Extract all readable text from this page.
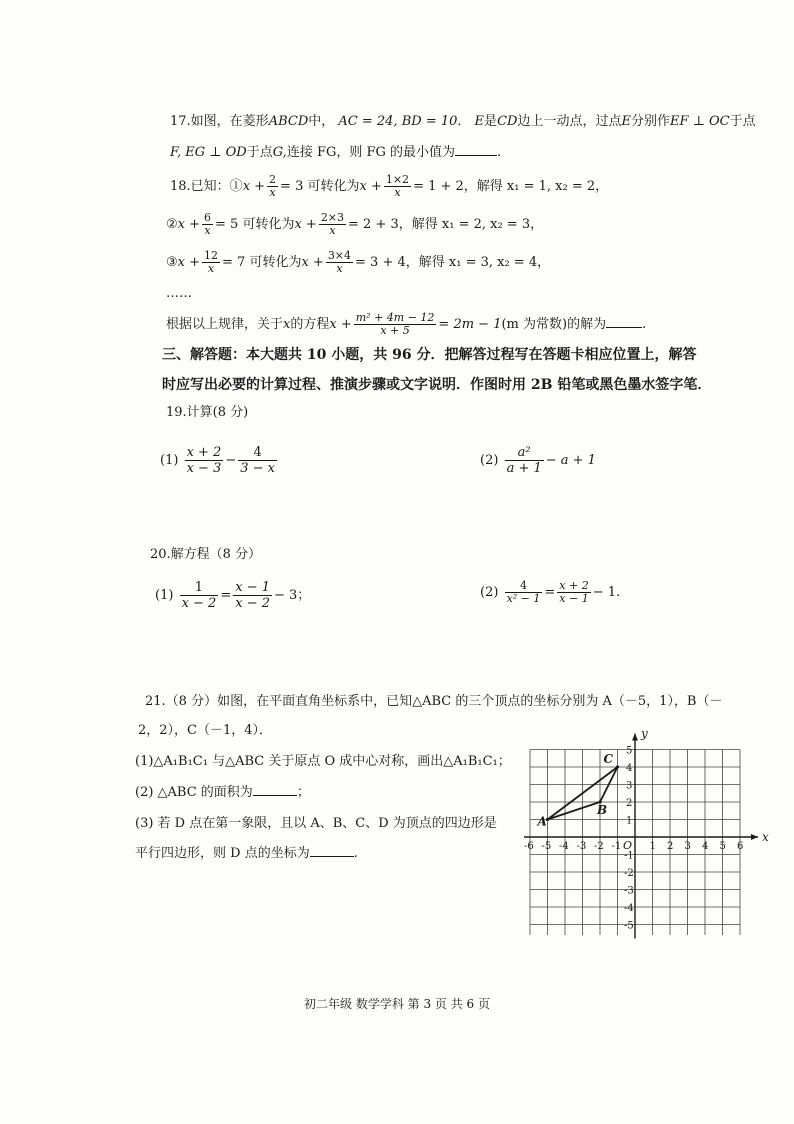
17.如图，在菱形ABCD中， AC = 24, BD = 10． E是CD边上一动点，过点E分别作EF ⊥ OC于点
F, EG ⊥ OD于点G,连接 FG，则 FG 的最小值为	.
18.已知：①x + $\frac{2}{x} = 3$ 可转化为$x + \frac{1\times 2}{x} = 1 + 2$，解得 x₁ = 1, x₂ = 2，
②x + $\frac{6}{x} = 5$ 可转化为$x + \frac{2\times 3}{x} = 2 + 3$，解得 x₁ = 2, x₂ = 3，
③x + $\frac{12}{x} = 7$ 可转化为$x + \frac{3\times 4}{x} = 3 + 4$，解得 x₁ = 3, x₂ = 4，
……
根据以上规律，关于x的方程$x + \frac{\text{m² + 4m − 12}}{x + 5} = 2m - 1(m$ 为常数)的解为	.
三、解答题：本大题共 10 小题，共 96 分．把解答过程写在答题卡相应位置上，解答
时应写出必要的计算过程、推演步骤或文字说明．作图时用 2B 铅笔或黑色墨水签字笔．
19.计算(8 分)
$(1) \frac{x + 2}{x - 3} - \frac{4}{3 - x}$	$(2) \frac{\text{a²}}{a + 1} - a + 1$
20.解方程（8 分）
$(1) \frac{1}{x - 2} = \frac{x - 1}{x - 2} - 3$；	$(2) \frac{4}{\text{x² − 1}} = \frac{x + 2}{x - 1} - 1$.
21.（8 分）如图，在平面直角坐标系中，已知△ABC 的三个顶点的坐标分别为 A（－5，1），B（－
2，2），C（－1，4）．
(1)△A₁B₁C₁ 与△ABC 关于原点 O 成中心对称，画出△A₁B₁C₁；
(2) △ABC 的面积为	；
(3) 若 D 点在第一象限，且以 A、B、C、D 为顶点的四边形是
平行四边形，则 D 点的坐标为	.
x
y
-6 -5 -4 -3 -2 -1	1 2 3 4 5 6
5
4
3
2
1
-1
-2
-3
-4
-5
O
A
B
C
初二年级 数学学科 第 3 页 共 6 页
